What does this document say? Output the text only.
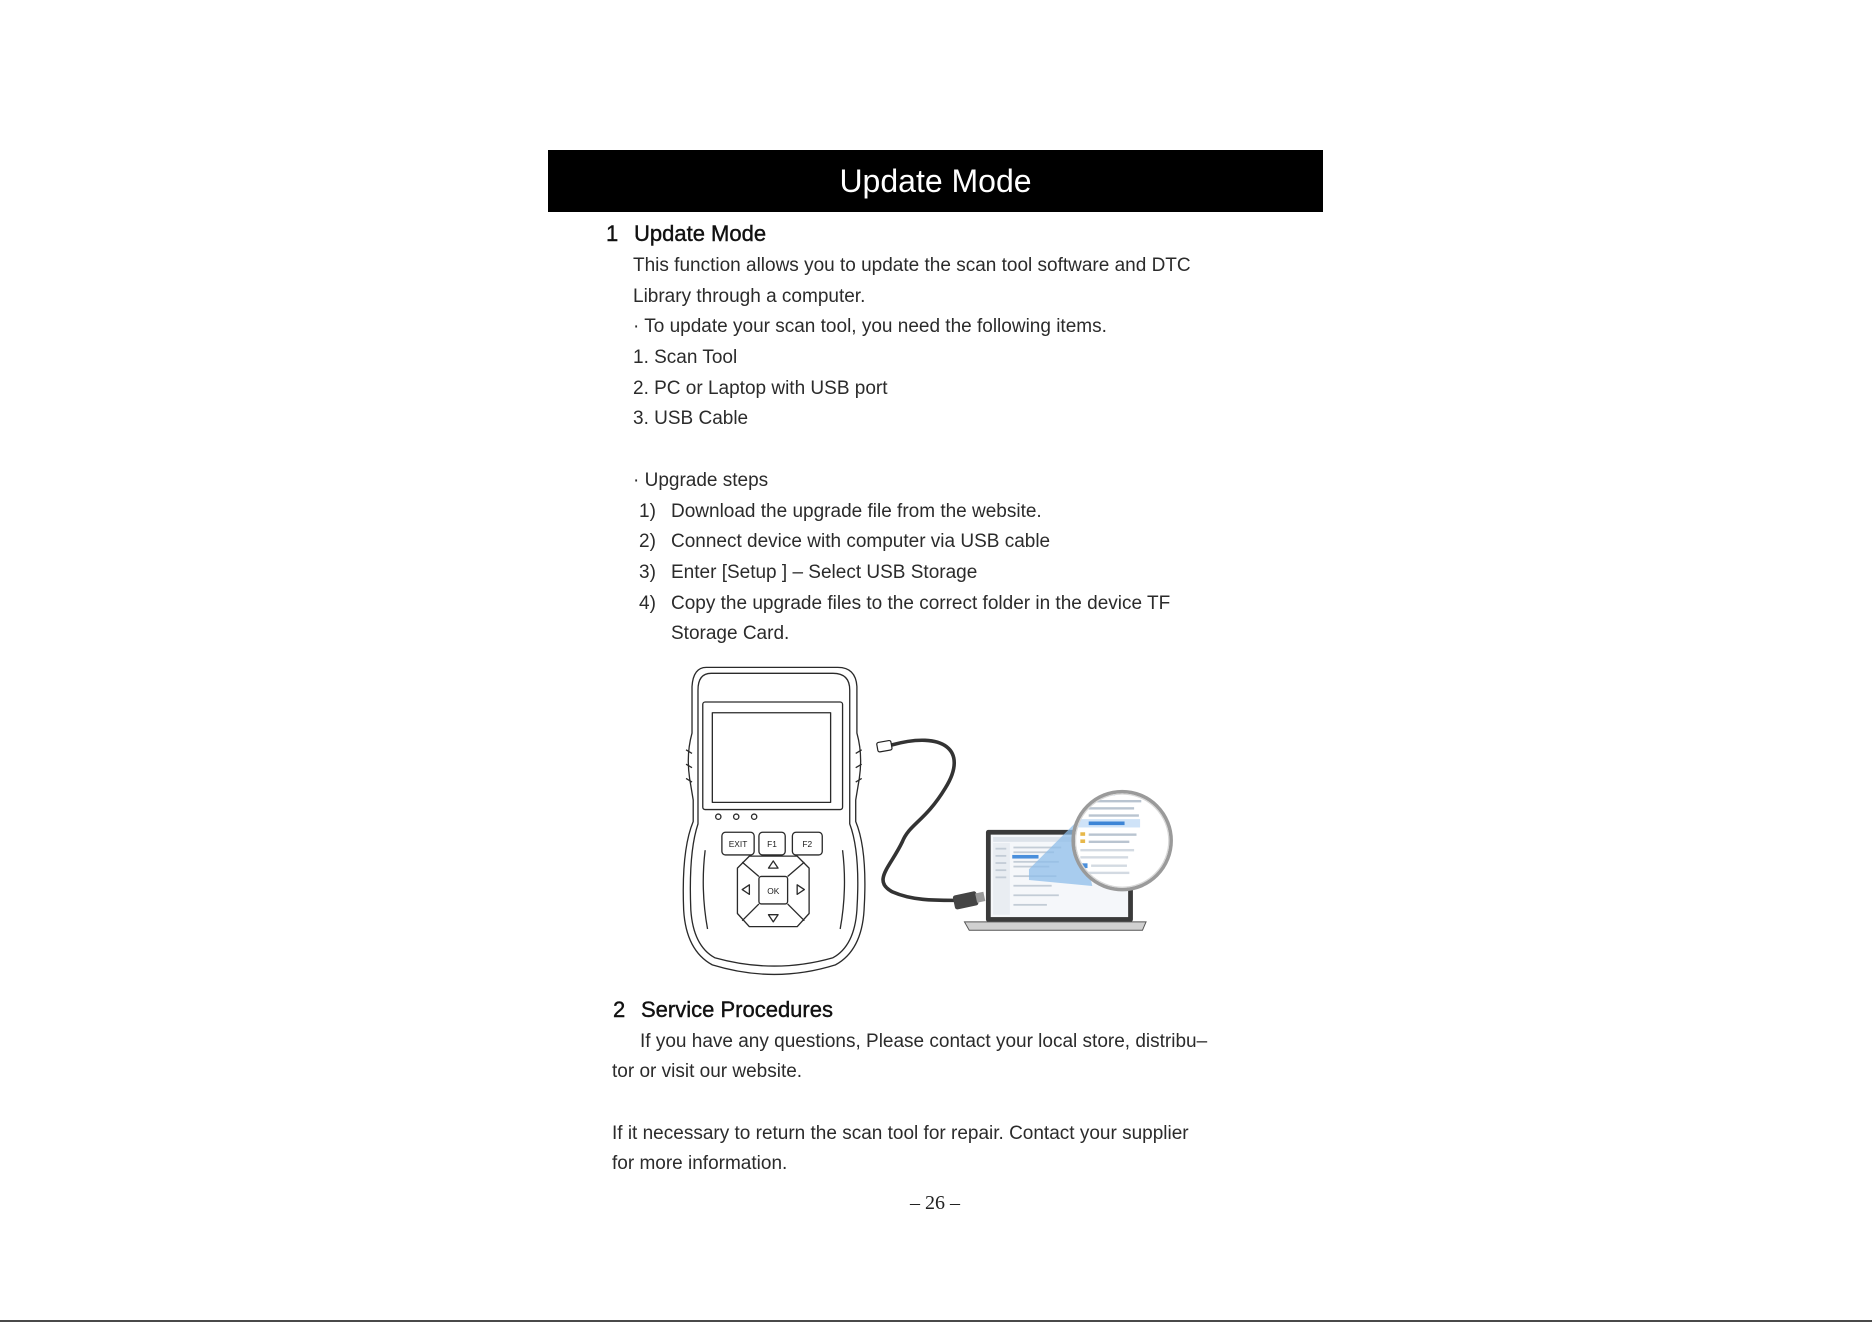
Update Mode
1 Update Mode
This function allows you to update the scan tool software and DTC
Library through a computer.
· To update your scan tool, you need the following items.
1. Scan Tool
2. PC or Laptop with USB port
3. USB Cable
· Upgrade steps
1) Download the upgrade file from the website.
2) Connect device with computer via USB cable
3) Enter [Setup ] – Select USB Storage
4) Copy the upgrade files to the correct folder in the device TF
Storage Card.
EXIT	F1	F2
OK
2 Service Procedures
If you have any questions, Please contact your local store, distribu–
tor or visit our website.
If it necessary to return the scan tool for repair. Contact your supplier
for more information.
– 26 –
